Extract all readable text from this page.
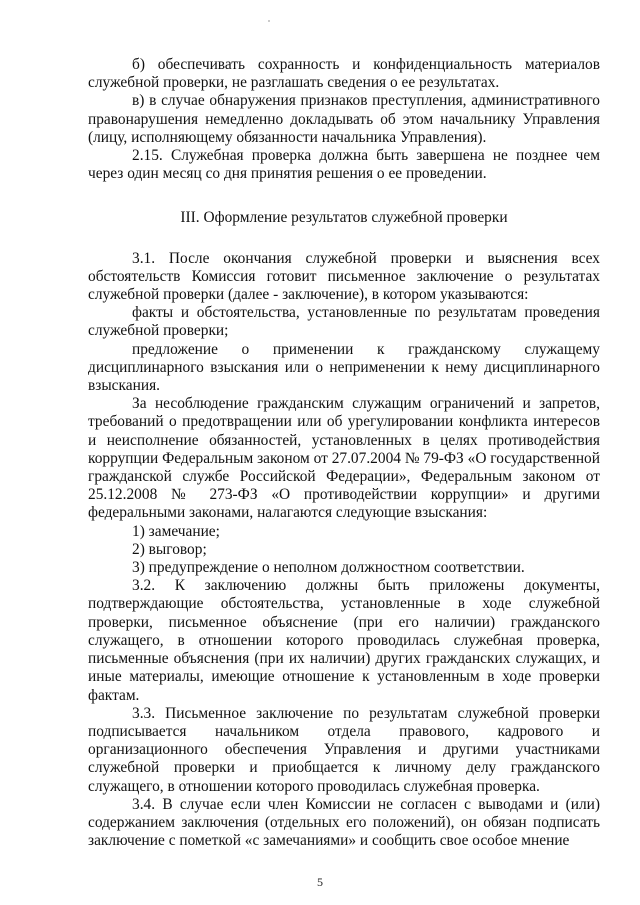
б) обеспечивать сохранность и конфиденциальность материалов служебной проверки, не разглашать сведения о ее результатах.

в) в случае обнаружения признаков преступления, административного правонарушения немедленно докладывать об этом начальнику Управления (лицу, исполняющему обязанности начальника Управления).

2.15. Служебная проверка должна быть завершена не позднее чем через один месяц со дня принятия решения о ее проведении.

III. Оформление результатов служебной проверки

3.1. После окончания служебной проверки и выяснения всех обстоятельств Комиссия готовит письменное заключение о результатах служебной проверки (далее - заключение), в котором указываются:

факты и обстоятельства, установленные по результатам проведения служебной проверки;

предложение о применении к гражданскому служащему дисциплинарного взыскания или о неприменении к нему дисциплинарного взыскания.

За несоблюдение гражданским служащим ограничений и запретов, требований о предотвращении или об урегулировании конфликта интересов и неисполнение обязанностей, установленных в целях противодействия коррупции Федеральным законом от 27.07.2004 № 79-ФЗ «О государственной гражданской службе Российской Федерации», Федеральным законом от 25.12.2008 № 273-ФЗ «О противодействии коррупции» и другими федеральными законами, налагаются следующие взыскания:

1) замечание;

2) выговор;

3) предупреждение о неполном должностном соответствии.

3.2. К заключению должны быть приложены документы, подтверждающие обстоятельства, установленные в ходе служебной проверки, письменное объяснение (при его наличии) гражданского служащего, в отношении которого проводилась служебная проверка, письменные объяснения (при их наличии) других гражданских служащих, и иные материалы, имеющие отношение к установленным в ходе проверки фактам.

3.3. Письменное заключение по результатам служебной проверки подписывается начальником отдела правового, кадрового и организационного обеспечения Управления и другими участниками служебной проверки и приобщается к личному делу гражданского служащего, в отношении которого проводилась служебная проверка.

3.4. В случае если член Комиссии не согласен с выводами и (или) содержанием заключения (отдельных его положений), он обязан подписать заключение с пометкой «с замечаниями» и сообщить свое особое мнение

5
